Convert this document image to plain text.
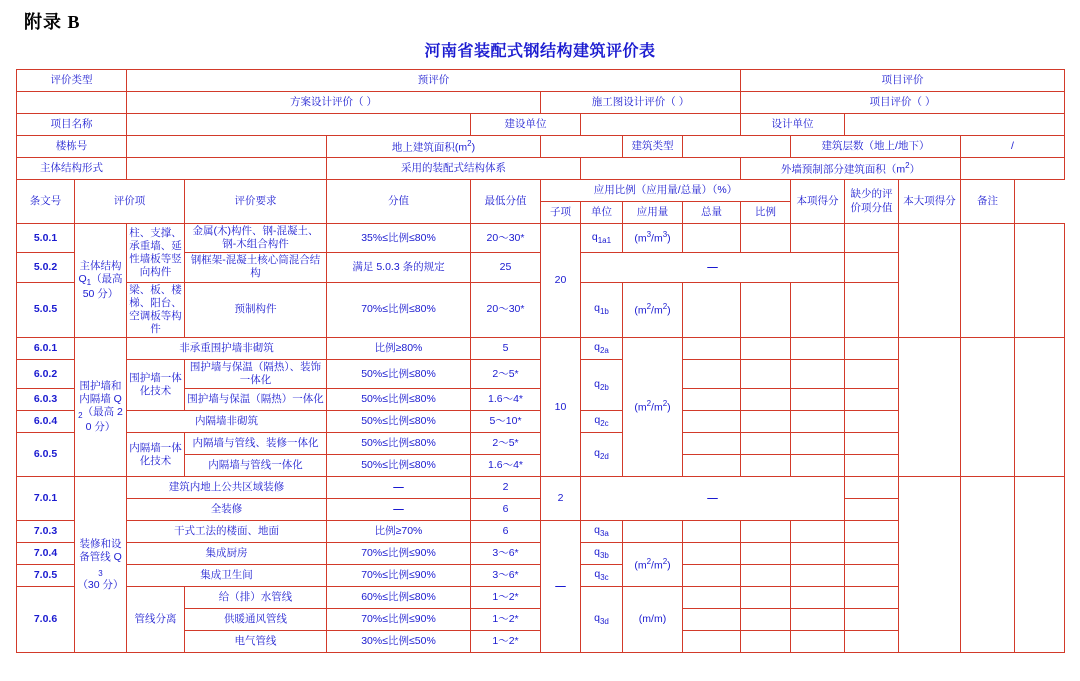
附录 B
河南省装配式钢结构建筑评价表
评价类型		预评价								项目评价					
		方案设计评价（ ）				施工图设计评价（ ）				项目评价（ ）					
项目名称					建设单位					设计单位					
楼栋号				地上建筑面积$(m^2)$				建筑类型			建筑层数（地上/地下）			/	
主体结构形式				采用的装配式结构体系						外墙预制部分建筑面积$(m^2)$					
条文号	评价项		评价要求	分值	最低分值	应用比例（应用量/总量）（%）					本项得分	缺少的评价项分值	本大项得分	备注	
						子项	单位	应用量	总量	比例					
5.0.1	主体结构 $Q_1$（最高 50 分）	柱、支撑、承重墙、延性墙板等竖向构件	金属(木)构件、钢-混凝土、钢-木组合构件	35%≤比例≤80%	20～30*	20	$q_{1a1}$	$(m^3/m^3)$							
5.0.2			钢框架-混凝土核心筒混合结构	满足 5.0.3 条的规定	25		—								
5.0.5		梁、板、楼梯、阳台、空调板等构件	预制构件	70%≤比例≤80%	20～30*		$q_{1b}$	$(m^2/m^2)$							
6.0.1	围护墙和内隔墙 $Q_2$（最高 20 分）	非承重围护墙非砌筑		比例≥80%	5	10	$q_{2a}$	$(m^2/m^2)$							
6.0.2		围护墙一体化技术	围护墙与保温（隔热）、装饰一体化	50%≤比例≤80%	2～5*		$q_{2b}$				
6.0.3			围护墙与保温（隔热）一体化	50%≤比例≤80%	1.6～4*										
6.0.4		内隔墙非砌筑		50%≤比例≤80%	5～10*		$q_{2c}$				
6.0.5		内隔墙一体化技术	内隔墙与管线、装修一体化	50%≤比例≤80%	2～5*		$q_{2d}$				
			内隔墙与管线一体化	50%≤比例≤80%	1.6～4*										
7.0.1	装修和设备管线 $Q_3(30$ 分）	建筑内地上公共区域装修		—	2	2	—								
		全装修		—	6										
7.0.3		干式工法的楼面、地面		比例≥70%	6	—	$q_{3a}$					
7.0.4		集成厨房		70%≤比例≤90%	3～6*		$q_{3b}$	$(m^2/m^2)$							
7.0.5		集成卫生间		70%≤比例≤90%	3～6*		$q_{3c}$				
7.0.6		管线分离	给（排）水管线	60%≤比例≤80%	1～2*		$q_{3d}$	(m/m)							
			供暖通风管线	70%≤比例≤90%	1～2*										
			电气管线	30%≤比例≤50%	1～2*										
